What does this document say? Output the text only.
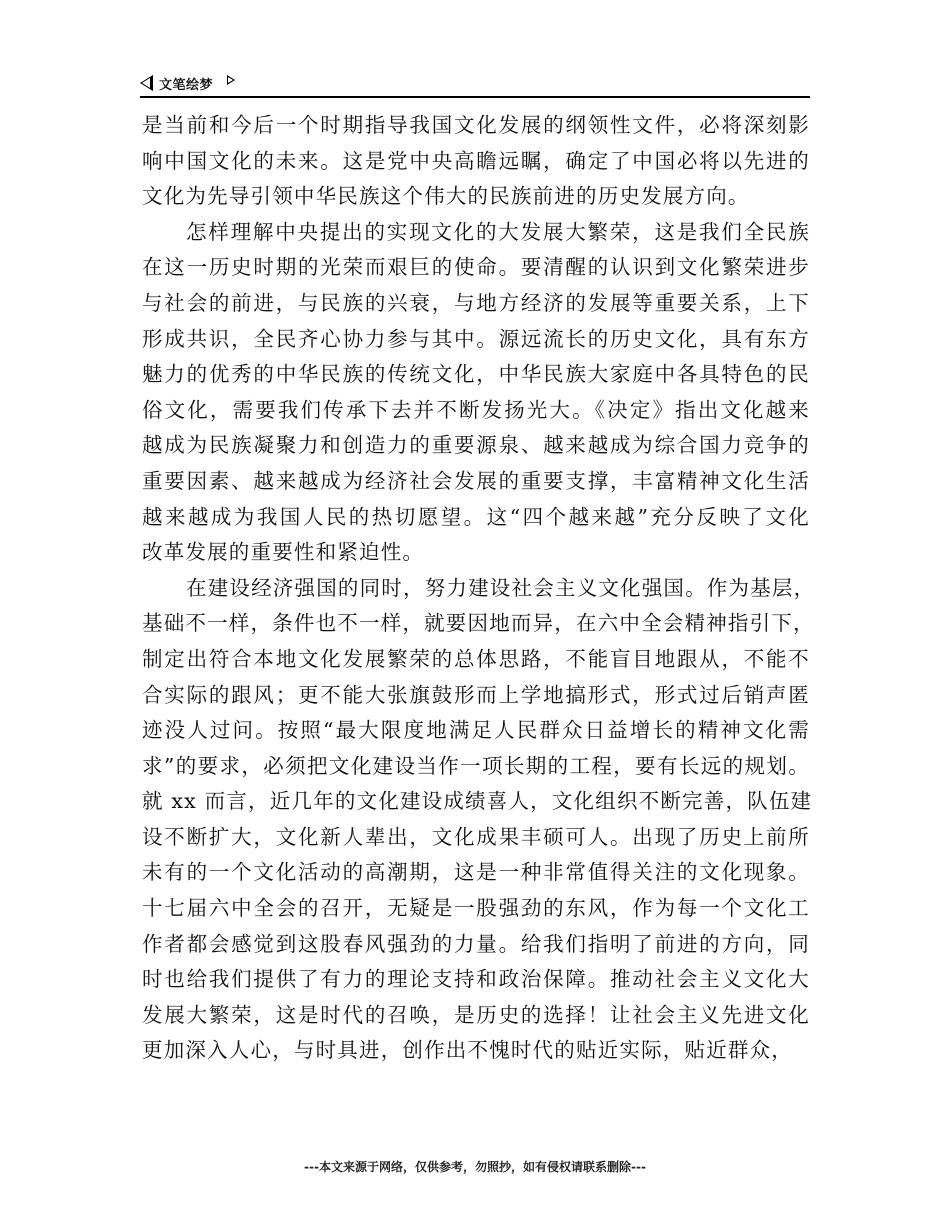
文笔绘梦
是当前和今后一个时期指导我国文化发展的纲领性文件，必将深刻影
响中国文化的未来。这是党中央高瞻远瞩，确定了中国必将以先进的
文化为先导引领中华民族这个伟大的民族前进的历史发展方向。
怎样理解中央提出的实现文化的大发展大繁荣，这是我们全民族
在这一历史时期的光荣而艰巨的使命。要清醒的认识到文化繁荣进步
与社会的前进，与民族的兴衰，与地方经济的发展等重要关系，上下
形成共识，全民齐心协力参与其中。源远流长的历史文化，具有东方
魅力的优秀的中华民族的传统文化，中华民族大家庭中各具特色的民
俗文化，需要我们传承下去并不断发扬光大。《决定》指出文化越来
越成为民族凝聚力和创造力的重要源泉、越来越成为综合国力竞争的
重要因素、越来越成为经济社会发展的重要支撑，丰富精神文化生活
越来越成为我国人民的热切愿望。这“四个越来越”充分反映了文化
改革发展的重要性和紧迫性。
在建设经济强国的同时，努力建设社会主义文化强国。作为基层，
基础不一样，条件也不一样，就要因地而异，在六中全会精神指引下，
制定出符合本地文化发展繁荣的总体思路，不能盲目地跟从，不能不
合实际的跟风；更不能大张旗鼓形而上学地搞形式，形式过后销声匿
迹没人过问。按照“最大限度地满足人民群众日益增长的精神文化需
求”的要求，必须把文化建设当作一项长期的工程，要有长远的规划。
就 xx 而言，近几年的文化建设成绩喜人，文化组织不断完善，队伍建
设不断扩大，文化新人辈出，文化成果丰硕可人。出现了历史上前所
未有的一个文化活动的高潮期，这是一种非常值得关注的文化现象。
十七届六中全会的召开，无疑是一股强劲的东风，作为每一个文化工
作者都会感觉到这股春风强劲的力量。给我们指明了前进的方向，同
时也给我们提供了有力的理论支持和政治保障。推动社会主义文化大
发展大繁荣，这是时代的召唤，是历史的选择！让社会主义先进文化
更加深入人心，与时具进，创作出不愧时代的贴近实际，贴近群众，
---本文来源于网络，仅供参考，勿照抄，如有侵权请联系删除---
